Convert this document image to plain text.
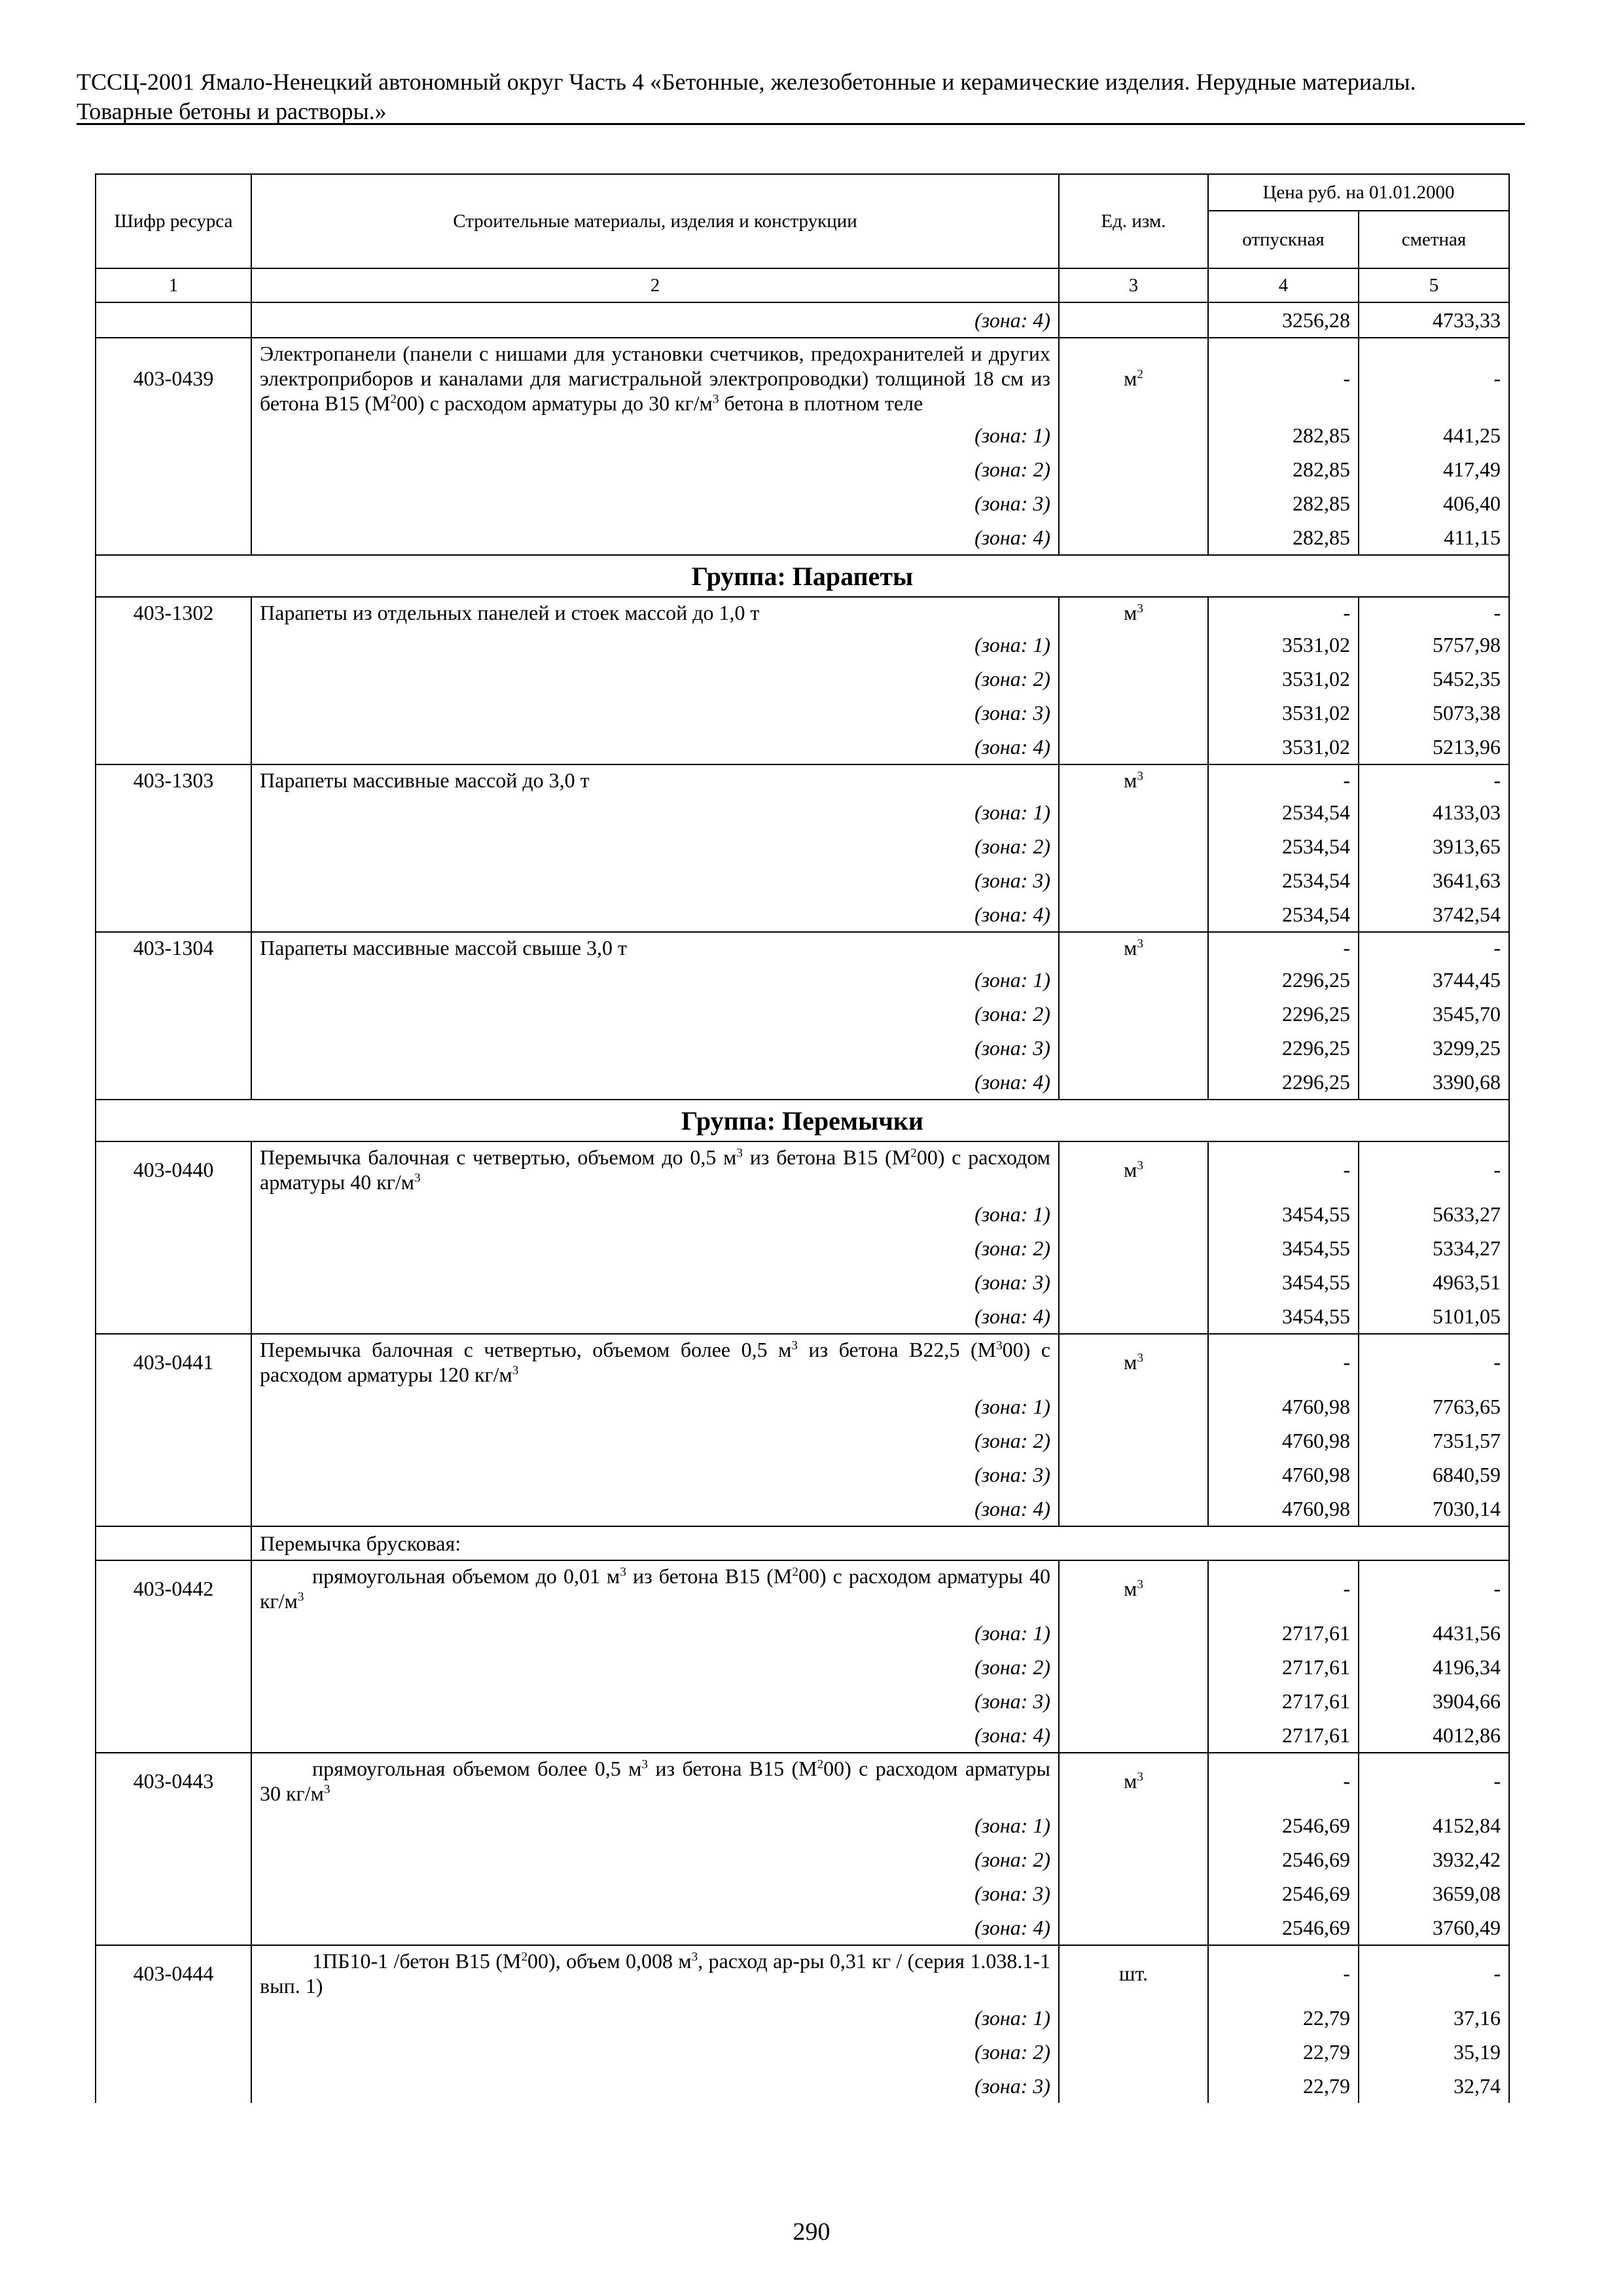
ТССЦ-2001 Ямало-Ненецкий автономный округ Часть 4 «Бетонные, железобетонные и керамические изделия. Нерудные материалы.
Товарные бетоны и растворы.»
Шифр ресурса	Строительные материалы, изделия и конструкции	Ед. изм.	Цена руб. на 01.01.2000	
			отпускная	сметная
1	2	3	4	5
	(зона: 4)		3256,28	4733,33
403-0439	Электропанели (панели с нишами для установки счетчиков, предохранителей и других электроприборов и каналами для магистральной электропроводки) толщиной 18 см из бетона В15 $(М^200)$ с расходом арматуры до 30 $кг/м^3$ бетона в плотном теле	$м^2$	-	-
	(зона: 1)		282,85	441,25
	(зона: 2)		282,85	417,49
	(зона: 3)		282,85	406,40
	(зона: 4)		282,85	411,15
Группа: Парапеты				
403-1302	Парапеты из отдельных панелей и стоек массой до 1,0 т	$м^3$	-	-
	(зона: 1)		3531,02	5757,98
	(зона: 2)		3531,02	5452,35
	(зона: 3)		3531,02	5073,38
	(зона: 4)		3531,02	5213,96
403-1303	Парапеты массивные массой до 3,0 т	$м^3$	-	-
	(зона: 1)		2534,54	4133,03
	(зона: 2)		2534,54	3913,65
	(зона: 3)		2534,54	3641,63
	(зона: 4)		2534,54	3742,54
403-1304	Парапеты массивные массой свыше 3,0 т	$м^3$	-	-
	(зона: 1)		2296,25	3744,45
	(зона: 2)		2296,25	3545,70
	(зона: 3)		2296,25	3299,25
	(зона: 4)		2296,25	3390,68
Группа: Перемычки				
403-0440	Перемычка балочная с четвертью, объемом до 0,5 $м^3$ из бетона В15 $(М^200)$ с расходом арматуры 40 $кг/м^3$	$м^3$	-	-
	(зона: 1)		3454,55	5633,27
	(зона: 2)		3454,55	5334,27
	(зона: 3)		3454,55	4963,51
	(зона: 4)		3454,55	5101,05
403-0441	Перемычка балочная с четвертью, объемом более 0,5 $м^3$ из бетона В22,5 $(М^300)$ с расходом арматуры 120 $кг/м^3$	$м^3$	-	-
	(зона: 1)		4760,98	7763,65
	(зона: 2)		4760,98	7351,57
	(зона: 3)		4760,98	6840,59
	(зона: 4)		4760,98	7030,14
	Перемычка брусковая:			
403-0442	прямоугольная объемом до 0,01 $м^3$ из бетона В15 $(М^200)$ с расходом арматуры 40 $кг/м^3$	$м^3$	-	-
	(зона: 1)		2717,61	4431,56
	(зона: 2)		2717,61	4196,34
	(зона: 3)		2717,61	3904,66
	(зона: 4)		2717,61	4012,86
403-0443	прямоугольная объемом более 0,5 $м^3$ из бетона В15 $(М^200)$ с расходом арматуры 30 $кг/м^3$	$м^3$	-	-
	(зона: 1)		2546,69	4152,84
	(зона: 2)		2546,69	3932,42
	(зона: 3)		2546,69	3659,08
	(зона: 4)		2546,69	3760,49
403-0444	1ПБ10-1 /бетон В15 $(М^200)$, объем 0,008 $м^3$, расход ар-ры 0,31 кг / (серия 1.038.1-1 вып. 1)	шт.	-	-
	(зона: 1)		22,79	37,16
	(зона: 2)		22,79	35,19
	(зона: 3)		22,79	32,74
290
